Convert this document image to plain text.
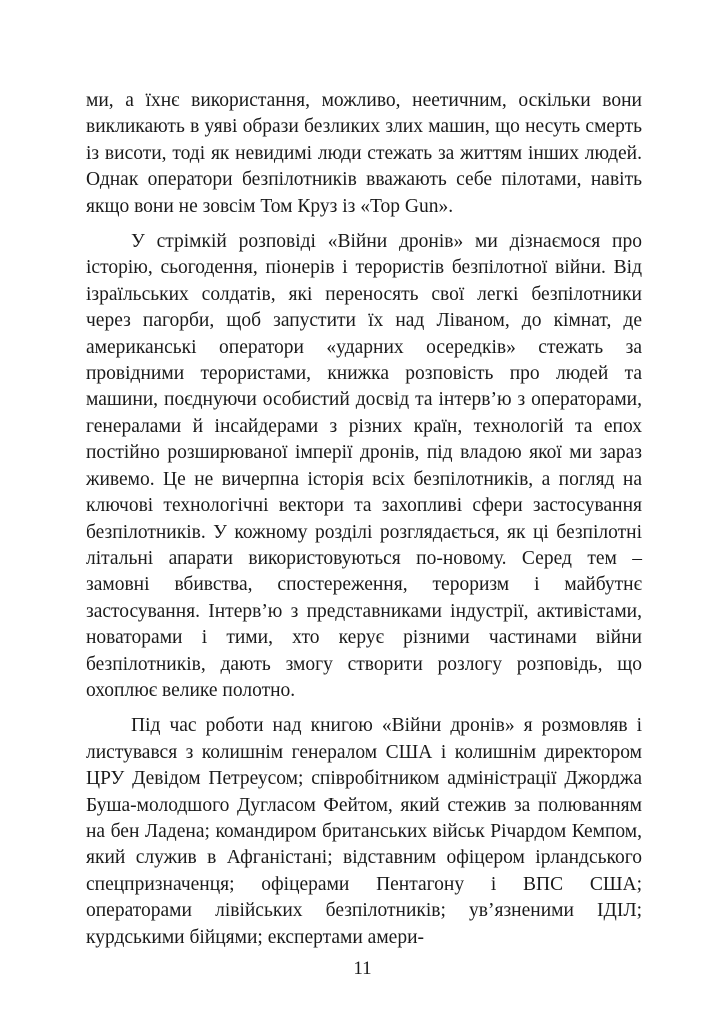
ми, а їхнє використання, можливо, неетичним, оскільки вони викликають в уяві образи безликих злих машин, що несуть смерть із висоти, тоді як невидимі люди стежать за життям інших людей. Однак оператори безпілотників вважають себе пілотами, навіть якщо вони не зовсім Том Круз із «Top Gun».

У стрімкій розповіді «Війни дронів» ми дізнаємося про історію, сьогодення, піонерів і терористів безпілотної війни. Від ізраїльських солдатів, які переносять свої легкі безпілотники через пагорби, щоб запустити їх над Ліваном, до кімнат, де американські оператори «ударних осередків» стежать за провідними терористами, книжка розповість про людей та машини, поєднуючи особистий досвід та інтерв’ю з операторами, генералами й інсайдерами з різних країн, технологій та епох постійно розширюваної імперії дронів, під владою якої ми зараз живемо. Це не вичерпна історія всіх безпілотників, а погляд на ключові технологічні вектори та захопливі сфери застосування безпілотників. У кожному розділі розглядається, як ці безпілотні літальні апарати використовуються по-новому. Серед тем – замовні вбивства, спостереження, тероризм і майбутнє застосування. Інтерв’ю з представниками індустрії, активістами, новаторами і тими, хто керує різними частинами війни безпілотників, дають змогу створити розлогу розповідь, що охоплює велике полотно.

Під час роботи над книгою «Війни дронів» я розмовляв і листувався з колишнім генералом США і колишнім директором ЦРУ Девідом Петреусом; співробітником адміністрації Джорджа Буша-молодшого Дугласом Фейтом, який стежив за полюванням на бен Ладена; командиром британських військ Річардом Кемпом, який служив в Афганістані; відставним офіцером ірландського спецпризначенця; офіцерами Пентагону і ВПС США; операторами лівійських безпілотників; ув’язненими ІДІЛ; курдськими бійцями; експертами амери-

11
